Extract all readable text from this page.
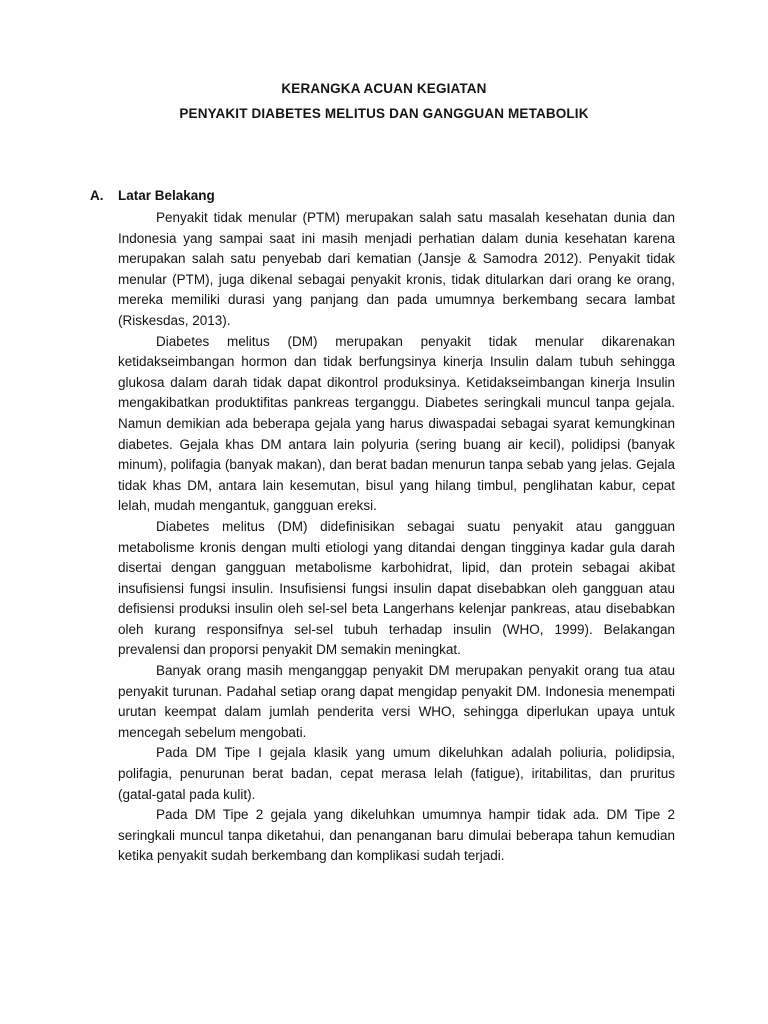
KERANGKA ACUAN KEGIATAN
PENYAKIT DIABETES MELITUS DAN GANGGUAN METABOLIK
A. Latar Belakang

Penyakit tidak menular (PTM) merupakan salah satu masalah kesehatan dunia dan Indonesia yang sampai saat ini masih menjadi perhatian dalam dunia kesehatan karena merupakan salah satu penyebab dari kematian (Jansje & Samodra 2012). Penyakit tidak menular (PTM), juga dikenal sebagai penyakit kronis, tidak ditularkan dari orang ke orang, mereka memiliki durasi yang panjang dan pada umumnya berkembang secara lambat (Riskesdas, 2013).

Diabetes melitus (DM) merupakan penyakit tidak menular dikarenakan ketidakseimbangan hormon dan tidak berfungsinya kinerja Insulin dalam tubuh sehingga glukosa dalam darah tidak dapat dikontrol produksinya. Ketidakseimbangan kinerja Insulin mengakibatkan produktifitas pankreas terganggu. Diabetes seringkali muncul tanpa gejala. Namun demikian ada beberapa gejala yang harus diwaspadai sebagai syarat kemungkinan diabetes. Gejala khas DM antara lain polyuria (sering buang air kecil), polidipsi (banyak minum), polifagia (banyak makan), dan berat badan menurun tanpa sebab yang jelas. Gejala tidak khas DM, antara lain kesemutan, bisul yang hilang timbul, penglihatan kabur, cepat lelah, mudah mengantuk, gangguan ereksi.

Diabetes melitus (DM) didefinisikan sebagai suatu penyakit atau gangguan metabolisme kronis dengan multi etiologi yang ditandai dengan tingginya kadar gula darah disertai dengan gangguan metabolisme karbohidrat, lipid, dan protein sebagai akibat insufisiensi fungsi insulin. Insufisiensi fungsi insulin dapat disebabkan oleh gangguan atau defisiensi produksi insulin oleh sel-sel beta Langerhans kelenjar pankreas, atau disebabkan oleh kurang responsifnya sel-sel tubuh terhadap insulin (WHO, 1999). Belakangan prevalensi dan proporsi penyakit DM semakin meningkat.

Banyak orang masih menganggap penyakit DM merupakan penyakit orang tua atau penyakit turunan. Padahal setiap orang dapat mengidap penyakit DM. Indonesia menempati urutan keempat dalam jumlah penderita versi WHO, sehingga diperlukan upaya untuk mencegah sebelum mengobati.

Pada DM Tipe I gejala klasik yang umum dikeluhkan adalah poliuria, polidipsia, polifagia, penurunan berat badan, cepat merasa lelah (fatigue), iritabilitas, dan pruritus (gatal-gatal pada kulit).

Pada DM Tipe 2 gejala yang dikeluhkan umumnya hampir tidak ada. DM Tipe 2 seringkali muncul tanpa diketahui, dan penanganan baru dimulai beberapa tahun kemudian ketika penyakit sudah berkembang dan komplikasi sudah terjadi.
